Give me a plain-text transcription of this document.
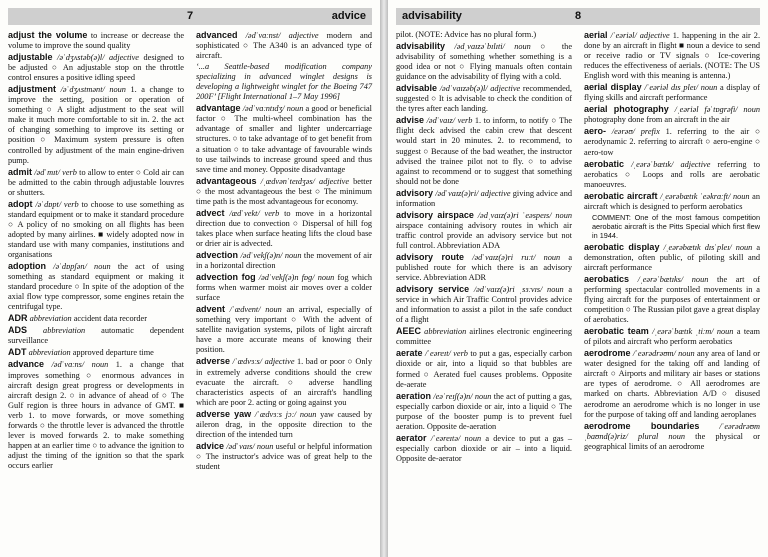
7	advice
adjust the volume to increase or decrease the volume to improve the sound quality
adjustable /əˈdʒʌstəb(ə)l/ adjective designed to be adjusted ○ An adjustable stop on the throttle control ensures a positive idling speed
adjustment /əˈdʒʌstmənt/ noun 1. a change to improve the setting, position or operation of something ○ A slight adjustment to the seat will make it much more comfortable to sit in. 2. the act of changing something to improve its setting or position ○ Maximum system pressure is often controlled by adjustment of the main engine-driven pump.
admit /ədˈmɪt/ verb to allow to enter ○ Cold air can be admitted to the cabin through adjustable louvres or shutters.
adopt /əˈdɒpt/ verb to choose to use something as standard equipment or to make it standard procedure ○ A policy of no smoking on all flights has been adopted by many airlines. ■ widely adopted now in standard use with many companies, institutions and organisations
adoption /əˈdɒpʃən/ noun the act of using something as standard equipment or making it standard procedure ○ In spite of the adoption of the axial flow type compressor, some engines retain the centrifugal type.
ADR abbreviation accident data recorder
ADS abbreviation automatic dependent surveillance
ADT abbreviation approved departure time
advance /ədˈvɑːns/ noun 1. a change that improves something ○ enormous advances in aircraft design great progress or developments in aircraft design 2. ○ in advance of ahead of ○ The Gulf region is three hours in advance of GMT. ■ verb 1. to move forwards, or move something forwards ○ the throttle lever is advanced the throttle lever is moved forwards 2. to make something happen at an earlier time ○ to advance the ignition to adjust the timing of the ignition so that the spark occurs earlier
advanced /ədˈvɑːnst/ adjective modern and sophisticated ○ The A340 is an advanced type of aircraft.
‘...a Seattle-based modification company specializing in advanced winglet designs is developing a lightweight winglet for the Boeing 747 200F’ [Flight International 1–7 May 1996]
advantage /ədˈvɑːntɪdʒ/ noun a good or beneficial factor ○ The multi-wheel combination has the advantage of smaller and lighter undercarriage structures. ○ to take advantage of to get benefit from a situation ○ to take advantage of favourable winds to use tailwinds to increase ground speed and thus save time and money. Opposite disadvantage
advantageous /ˌædvənˈteɪdʒəs/ adjective better ○ the most advantageous the best ○ The minimum time path is the most advantageous for economy.
advect /ædˈvekt/ verb to move in a horizontal direction due to convection ○ Dispersal of hill fog takes place when surface heating lifts the cloud base or drier air is advected.
advection /ədˈvekʃ(ə)n/ noun the movement of air in a horizontal direction
advection fog /ədˈvekʃ(ə)n fɒɡ/ noun fog which forms when warmer moist air moves over a colder surface
advent /ˈædvent/ noun an arrival, especially of something very important ○ With the advent of satellite navigation systems, pilots of light aircraft have a more accurate means of knowing their position.
adverse /ˈædvɜːs/ adjective 1. bad or poor ○ Only in extremely adverse conditions should the crew evacuate the aircraft. ○ adverse handling characteristics aspects of an aircraft's handling which are poor 2. acting or going against you
adverse yaw /ˈædvɜːs jɔː/ noun yaw caused by aileron drag, in the opposite direction to the direction of the intended turn
advice /ədˈvaɪs/ noun useful or helpful information ○ The instructor's advice was of great help to the student
advisability	8
pilot. (NOTE: Advice has no plural form.)
advisability /ədˌvaɪzəˈbɪlɪti/ noun ○ the advisability of something whether something is a good idea or not ○ Flying manuals often contain guidance on the advisability of flying with a cold.
advisable /ədˈvaɪzəb(ə)l/ adjective recommended, suggested ○ It is advisable to check the condition of the tyres after each landing.
advise /ədˈvaɪz/ verb 1. to inform, to notify ○ The flight deck advised the cabin crew that descent would start in 20 minutes. 2. to recommend, to suggest ○ Because of the bad weather, the instructor advised the trainee pilot not to fly. ○ to advise against to recommend or to suggest that something should not be done
advisory /ədˈvaɪz(ə)ri/ adjective giving advice and information
advisory airspace /ədˌvaɪz(ə)ri ˈeəspeɪs/ noun airspace containing advisory routes in which air traffic control provide an advisory service but not full control. Abbreviation ADA
advisory route /ədˈvaɪz(ə)ri ruːt/ noun a published route for which there is an advisory service. Abbreviation ADR
advisory service /ədˈvaɪz(ə)ri ˌsɜːvɪs/ noun a service in which Air Traffic Control provides advice and information to assist a pilot in the safe conduct of a flight
AEEC abbreviation airlines electronic engineering committee
aerate /ˈeəreɪt/ verb to put a gas, especially carbon dioxide or air, into a liquid so that bubbles are formed ○ Aerated fuel causes problems. Opposite de-aerate
aeration /eəˈreɪʃ(ə)n/ noun the act of putting a gas, especially carbon dioxide or air, into a liquid ○ The purpose of the booster pump is to prevent fuel aeration. Opposite de-aeration
aerator /ˈeəreɪtə/ noun a device to put a gas – especially carbon dioxide or air – into a liquid. Opposite de-aerator
aerial /ˈeəriəl/ adjective 1. happening in the air 2. done by an aircraft in flight ■ noun a device to send or receive radio or TV signals ○ Ice-covering reduces the effectiveness of aerials. (NOTE: The US English word with this meaning is antenna.)
aerial display /ˈeəriəl dɪsˌpleɪ/ noun a display of flying skills and aircraft performance
aerial photography /ˌeəriəl fəˈtɒɡrəfi/ noun photography done from an aircraft in the air
aero- /eərəʊ/ prefix 1. referring to the air ○ aerodynamic 2. referring to aircraft ○ aero-engine ○ aero-tow
aerobatic /ˌeərəˈbætɪk/ adjective referring to aerobatics ○ Loops and rolls are aerobatic manoeuvres.
aerobatic aircraft /ˌeərəbætɪk ˈeəkrɑːft/ noun an aircraft which is designed to perform aerobatics
COMMENT: One of the most famous competition aerobatic aircraft is the Pitts Special which first flew in 1944.
aerobatic display /ˌeərəbætɪk dɪsˈpleɪ/ noun a demonstration, often public, of piloting skill and aircraft performance
aerobatics /ˌeərəˈbætɪks/ noun the art of performing spectacular controlled movements in a flying aircraft for the purposes of entertainment or competition ○ The Russian pilot gave a great display of aerobatics.
aerobatic team /ˌeərəˈbætɪk ˌtiːm/ noun a team of pilots and aircraft who perform aerobatics
aerodrome /ˈeərədrəʊm/ noun any area of land or water designed for the taking off and landing of aircraft ○ Airports and military air bases or stations are types of aerodrome. ○ All aerodromes are marked on charts. Abbreviation A/D ○ disused aerodrome an aerodrome which is no longer in use for the purpose of taking off and landing aeroplanes
aerodrome boundaries /ˈeərədrəʊm ˌbaʊnd(ə)riz/ plural noun the physical or geographical limits of an aerodrome
